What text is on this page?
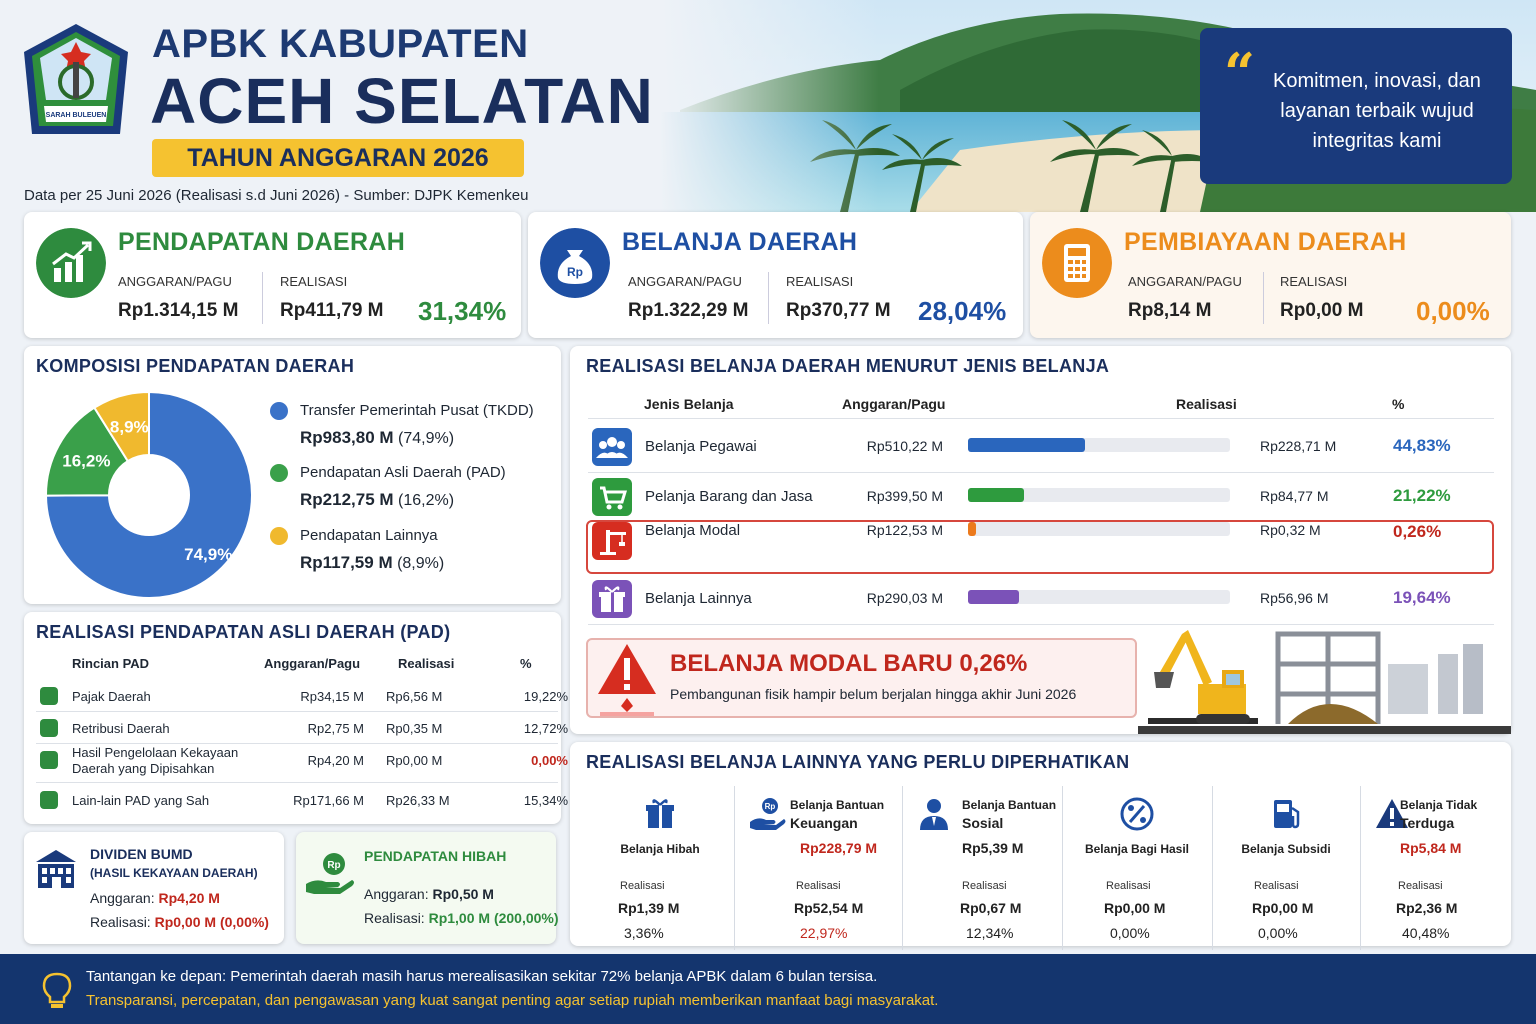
SARAH BULEUEN
APBK KABUPATEN
ACEH SELATAN
TAHUN ANGGARAN 2026
Data per 25 Juni 2026 (Realisasi s.d Juni 2026) - Sumber: DJPK Kemenkeu
“ Komitmen, inovasi, dan layanan terbaik wujud integritas kami
PENDAPATAN DAERAH
ANGGARAN/PAGU
Rp1.314,15 M
REALISASI
Rp411,79 M 31,34%
Rp
BELANJA DAERAH
ANGGARAN/PAGU
Rp1.322,29 M
REALISASI
Rp370,77 M 28,04%
PEMBIAYAAN DAERAH
ANGGARAN/PAGU
Rp8,14 M
REALISASI
Rp0,00 M 0,00%
KOMPOSISI PENDAPATAN DAERAH
74,9%
16,2%
8,9%
Transfer Pemerintah Pusat (TKDD)
Rp983,80 M (74,9%)
Pendapatan Asli Daerah (PAD)
Rp212,75 M (16,2%)
Pendapatan Lainnya
Rp117,59 M (8,9%)
REALISASI PENDAPATAN ASLI DAERAH (PAD)
Rincian PAD	Anggaran/Pagu	Realisasi	%
Pajak Daerah	Rp34,15 M Rp6,56 M	19,22%
Retribusi Daerah	Rp2,75 M Rp0,35 M	12,72%
Hasil Pengelolaan Kekayaan
Daerah yang Dipisahkan
Rp4,20 M Rp0,00 M	0,00%
Lain-lain PAD yang Sah	Rp171,66 M Rp26,33 M	15,34%
DIVIDEN BUMD
(HASIL KEKAYAAN DAERAH)
Anggaran: Rp4,20 M
Realisasi: Rp0,00 M (0,00%)
Rp
PENDAPATAN HIBAH
Anggaran: Rp0,50 M
Realisasi: Rp1,00 M (200,00%)
REALISASI BELANJA DAERAH MENURUT JENIS BELANJA
Jenis Belanja	Anggaran/Pagu	Realisasi	%
Belanja Pegawai	Rp510,22 M	Rp228,71 M	44,83%
Pelanja Barang dan Jasa	Rp399,50 M	Rp84,77 M	21,22%
Belanja Modal	Rp122,53 M	Rp0,32 M	0,26%
Belanja Lainnya	Rp290,03 M	Rp56,96 M	19,64%
BELANJA MODAL BARU 0,26%
Pembangunan fisik hampir belum berjalan hingga akhir Juni 2026
REALISASI BELANJA LAINNYA YANG PERLU DIPERHATIKAN
Belanja Hibah
Realisasi
Rp1,39 M
3,36%
Rp Belanja Bantuan
Keuangan
Rp228,79 M
Realisasi
Rp52,54 M
22,97%
Belanja Bantuan
Sosial
Rp5,39 M
Realisasi
Rp0,67 M
12,34%
Belanja Bagi Hasil
Realisasi
Rp0,00 M
0,00%
Belanja Subsidi
Realisasi
Rp0,00 M
0,00%
Belanja Tidak
Terduga
Rp5,84 M
Realisasi
Rp2,36 M
40,48%
Tantangan ke depan: Pemerintah daerah masih harus merealisasikan sekitar 72% belanja APBK dalam 6 bulan tersisa.
Transparansi, percepatan, dan pengawasan yang kuat sangat penting agar setiap rupiah memberikan manfaat bagi masyarakat.
